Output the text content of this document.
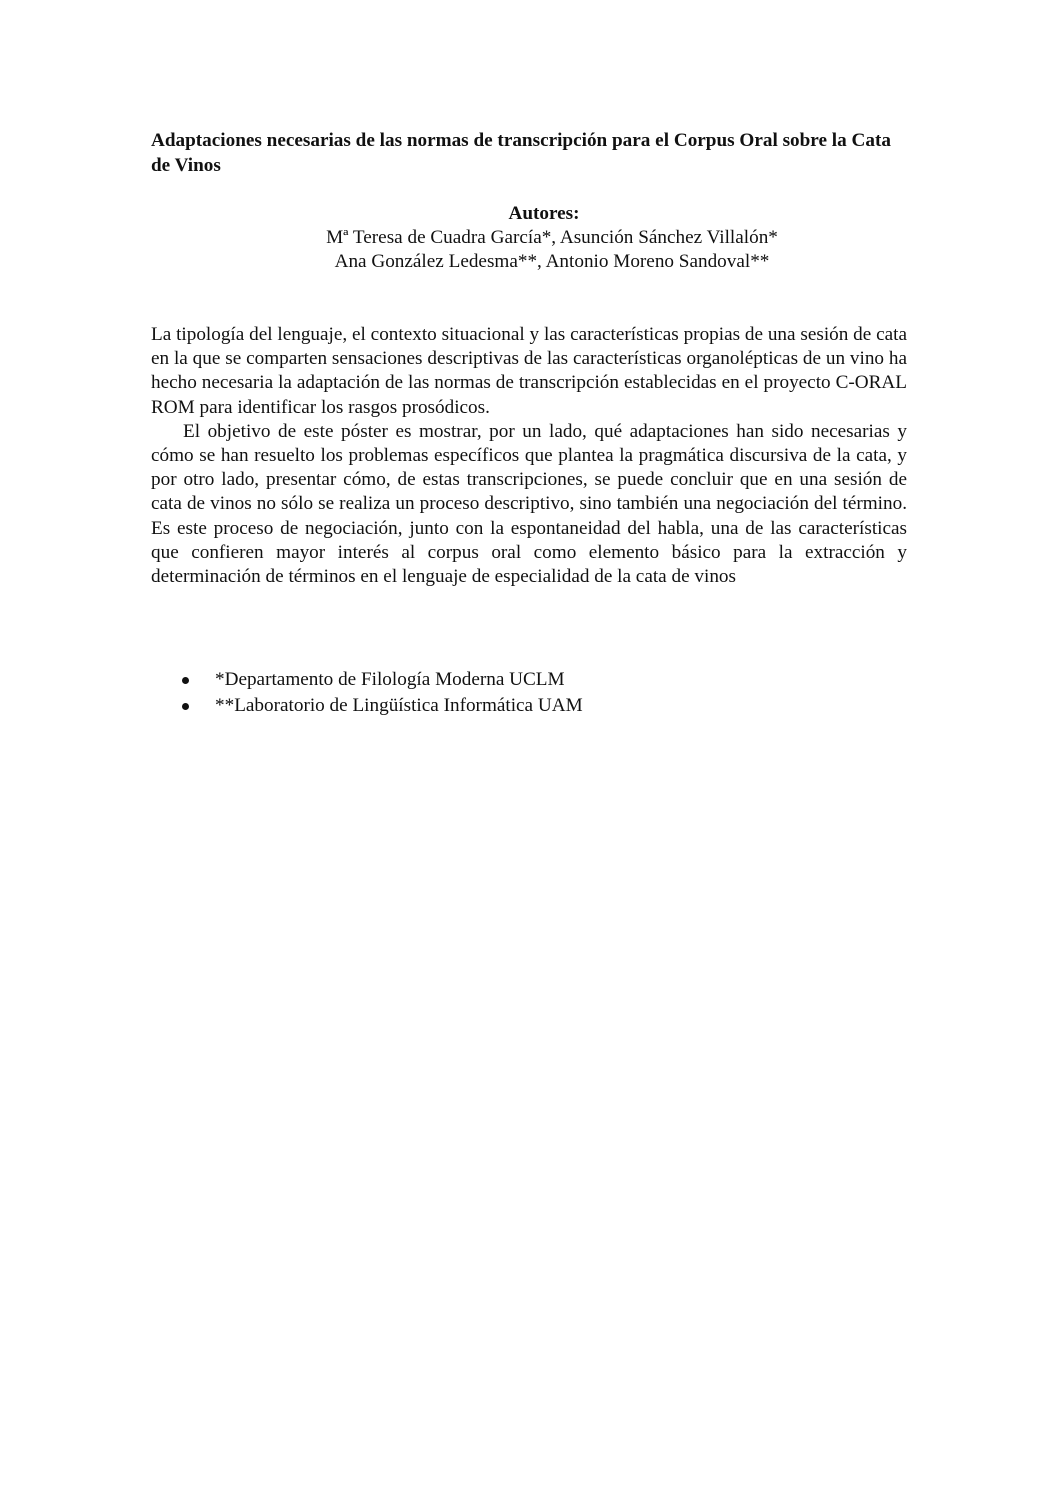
Adaptaciones necesarias de las normas de transcripción para el Corpus Oral sobre la Cata de Vinos
Autores:
Mª Teresa de Cuadra García*, Asunción Sánchez Villalón*
Ana González Ledesma**, Antonio Moreno Sandoval**

La tipología del lenguaje, el contexto situacional y las características propias de una sesión de cata en la que se comparten sensaciones descriptivas de las características organolépticas de un vino ha hecho necesaria la adaptación de las normas de transcripción establecidas en el proyecto C-ORAL ROM para identificar los rasgos prosódicos.

El objetivo de este póster es mostrar, por un lado, qué adaptaciones han sido necesarias y cómo se han resuelto los problemas específicos que plantea la pragmática discursiva de la cata, y por otro lado, presentar cómo, de estas transcripciones, se puede concluir que en una sesión de cata de vinos no sólo se realiza un proceso descriptivo, sino también una negociación del término. Es este proceso de negociación, junto con la espontaneidad del habla, una de las características que confieren mayor interés al corpus oral como elemento básico para la extracción y determinación de términos en el lenguaje de especialidad de la cata de vinos

*Departamento de Filología Moderna UCLM
**Laboratorio de Lingüística Informática UAM
